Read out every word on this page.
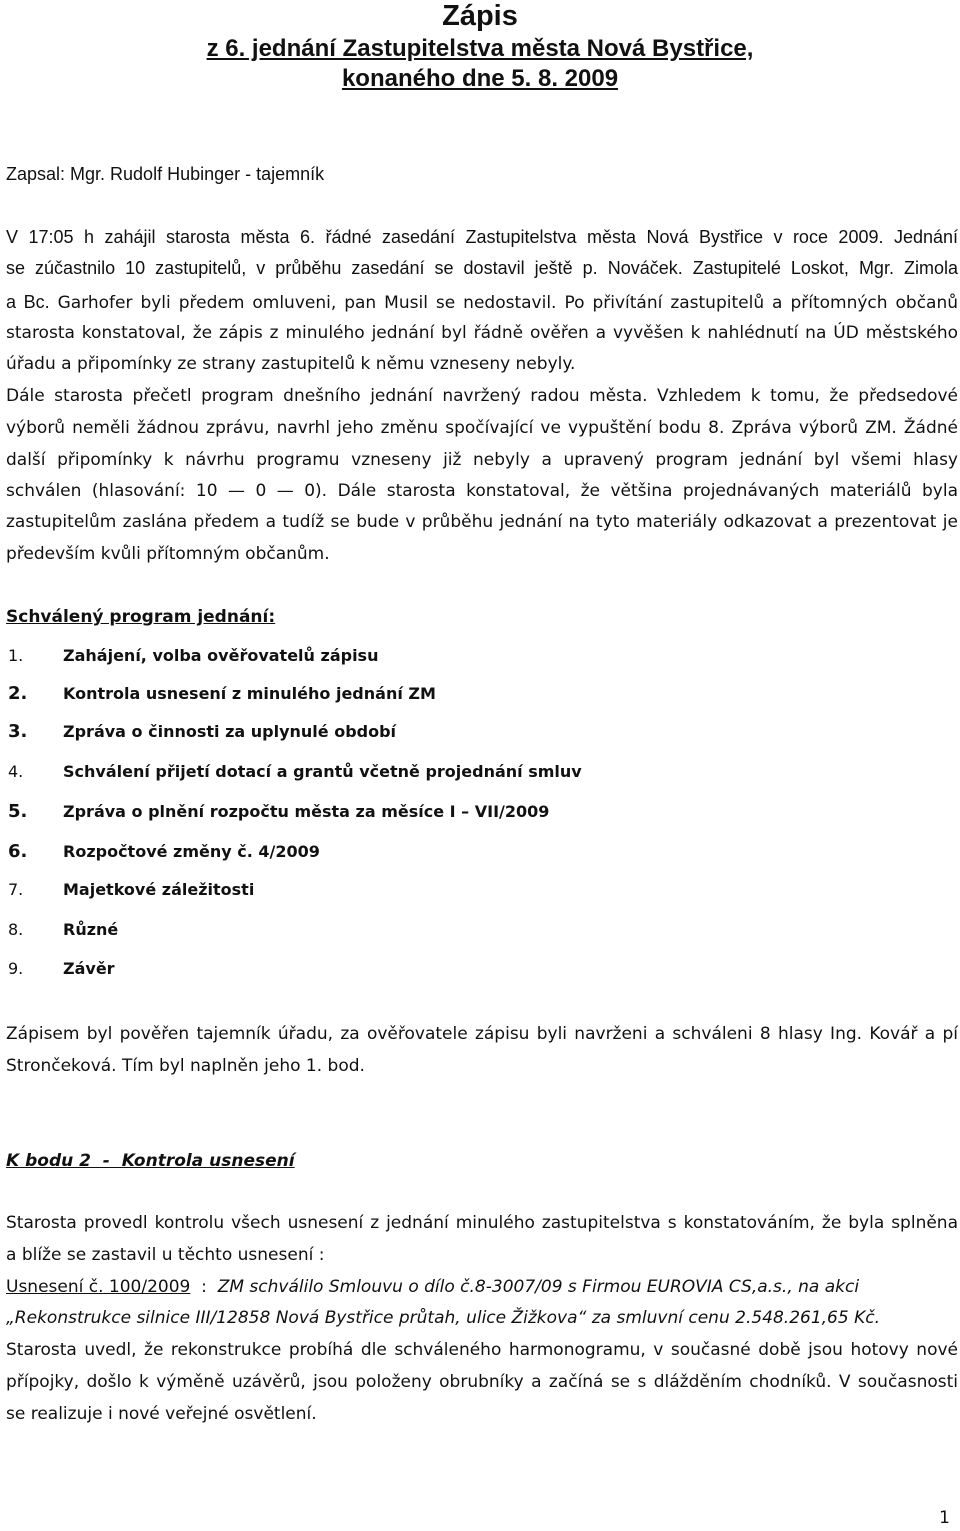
Zápis
z 6. jednání Zastupitelstva města Nová Bystřice,
konaného dne 5. 8. 2009
Zapsal: Mgr. Rudolf Hubinger - tajemník
V 17:05 h zahájil starosta města 6. řádné zasedání Zastupitelstva města Nová Bystřice v roce 2009. Jednání
se zúčastnilo 10 zastupitelů, v průběhu zasedání se dostavil ještě p. Nováček. Zastupitelé Loskot, Mgr. Zimola
a Bc. Garhofer byli předem omluveni, pan Musil se nedostavil. Po přivítání zastupitelů a přítomných občanů
starosta konstatoval, že zápis z minulého jednání byl řádně ověřen a vyvěšen k nahlédnutí na ÚD městského
úřadu a připomínky ze strany zastupitelů k němu vzneseny nebyly.
Dále starosta přečetl program dnešního jednání navržený radou města. Vzhledem k tomu, že předsedové
výborů neměli žádnou zprávu, navrhl jeho změnu spočívající ve vypuštění bodu 8. Zpráva výborů ZM. Žádné
další připomínky k návrhu programu vzneseny již nebyly a upravený program jednání byl všemi hlasy
schválen (hlasování: 10 — 0 — 0). Dále starosta konstatoval, že většina projednávaných materiálů byla
zastupitelům zaslána předem a tudíž se bude v průběhu jednání na tyto materiály odkazovat a prezentovat je
především kvůli přítomným občanům.
Schválený program jednání:
1. Zahájení, volba ověřovatelů zápisu
2. Kontrola usnesení z minulého jednání ZM
3. Zpráva o činnosti za uplynulé období
4. Schválení přijetí dotací a grantů včetně projednání smluv
5. Zpráva o plnění rozpočtu města za měsíce I – VII/2009
6. Rozpočtové změny č. 4/2009
7. Majetkové záležitosti
8. Různé
9. Závěr
Zápisem byl pověřen tajemník úřadu, za ověřovatele zápisu byli navrženi a schváleni 8 hlasy Ing. Kovář a pí
Strončeková. Tím byl naplněn jeho 1. bod.
K bodu 2  -  Kontrola usnesení
Starosta provedl kontrolu všech usnesení z jednání minulého zastupitelstva s konstatováním, že byla splněna
a blíže se zastavil u těchto usnesení :
Usnesení č. 100/2009 : ZM schválilo Smlouvu o dílo č.8-3007/09 s Firmou EUROVIA CS,a.s., na akci
„Rekonstrukce silnice III/12858 Nová Bystřice průtah, ulice Žižkova“ za smluvní cenu 2.548.261,65 Kč.
Starosta uvedl, že rekonstrukce probíhá dle schváleného harmonogramu, v současné době jsou hotovy nové
přípojky, došlo k výměně uzávěrů, jsou položeny obrubníky a začíná se s dlážděním chodníků. V současnosti
se realizuje i nové veřejné osvětlení.
1
